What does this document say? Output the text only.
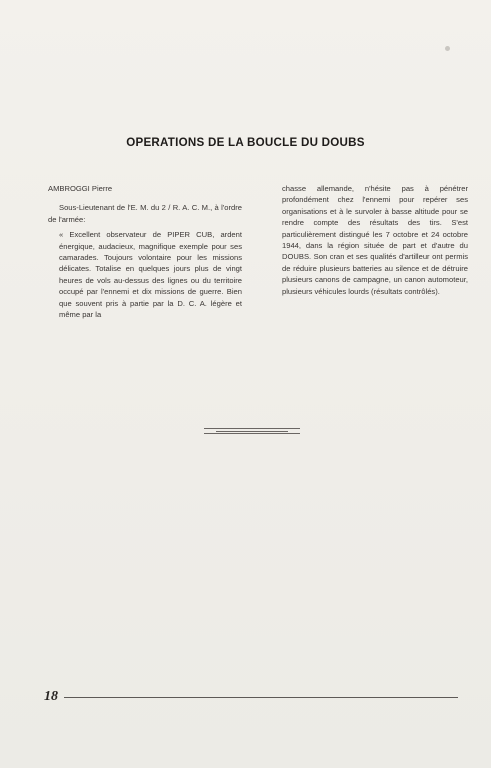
OPERATIONS DE LA BOUCLE DU DOUBS

AMBROGGI Pierre

Sous-Lieutenant de l'E. M. du 2 / R. A. C. M., à l'ordre de l'armée:

« Excellent observateur de PIPER CUB, ardent énergique, audacieux, magnifique exemple pour ses camarades. Toujours volontaire pour les missions délicates. Totalise en quelques jours plus de vingt heures de vols au-dessus des lignes ou du territoire occupé par l'ennemi et dix missions de guerre. Bien que souvent pris à partie par la D. C. A. légère et même par la

chasse allemande, n'hésite pas à pénétrer profondément chez l'ennemi pour repérer ses organisations et à le survoler à basse altitude pour se rendre compte des résultats des tirs. S'est particulièrement distingué les 7 octobre et 24 octobre 1944, dans la région située de part et d'autre du DOUBS. Son cran et ses qualités d'artilleur ont permis de réduire plusieurs batteries au silence et de détruire plusieurs canons de campagne, un canon automoteur, plusieurs véhicules lourds (résultats contrôlés).

18
